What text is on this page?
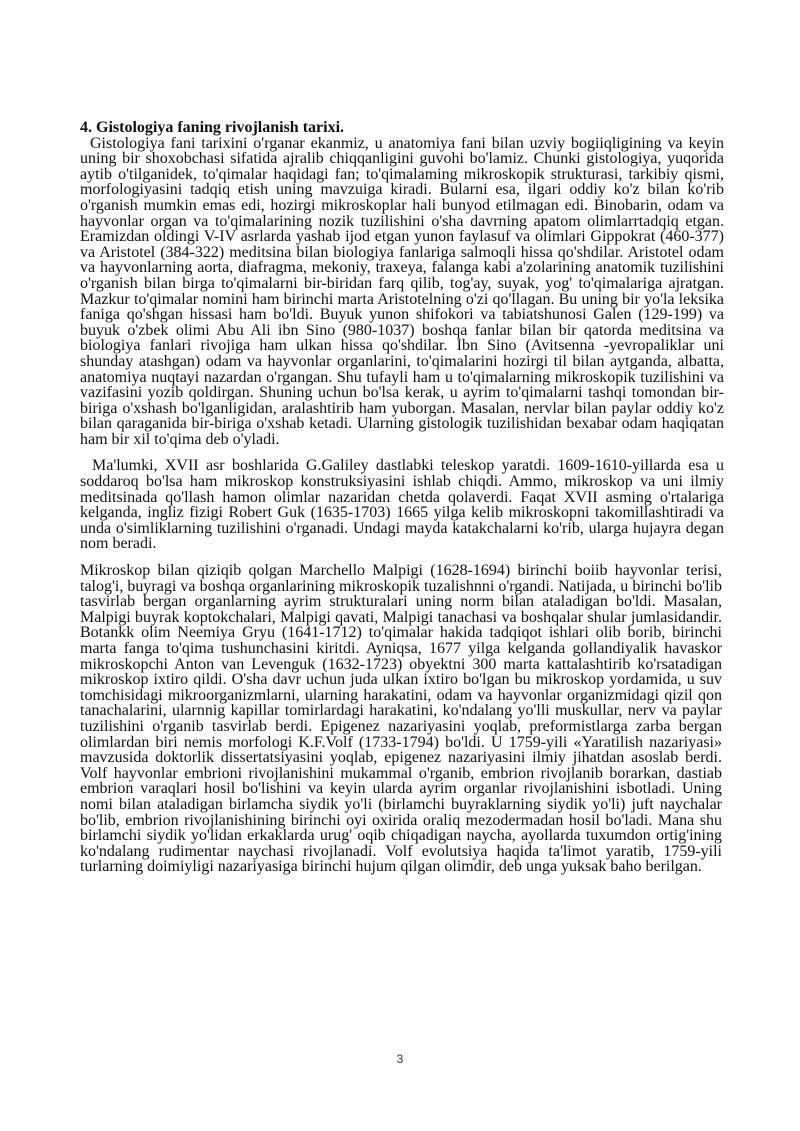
4. Gistologiya faning rivojlanish tarixi.

Gistologiya fani tarixini o'rganar ekanmiz, u anatomiya fani bilan uzviy bogiiqligining va keyin uning bir shoxobchasi sifatida ajralib chiqqanligini guvohi bo'lamiz. Chunki gistologiya, yuqorida aytib o'tilganidek, to'qimalar haqidagi fan; to'qimalaming mikroskopik strukturasi, tarkibiy qismi, morfologiyasini tadqiq etish uning mavzuiga kiradi. Bularni esa, ilgari oddiy ko'z bilan ko'rib o'rganish mumkin emas edi, hozirgi mikroskoplar hali bunyod etilmagan edi. Binobarin, odam va hayvonlar organ va to'qimalarining nozik tuzilishini o'sha davrning apatom olimlarrtadqiq etgan. Eramizdan oldingi V-IV asrlarda yashab ijod etgan yunon faylasuf va olimlari Gippokrat (460-377) va Aristotel (384-322) meditsina bilan biologiya fanlariga salmoqli hissa qo'shdilar. Aristotel odam va hayvonlarning aorta, diafragma, mekoniy, traxeya, falanga kabi a'zolarining anatomik tuzilishini o'rganish bilan birga to'qimalarni bir-biridan farq qilib, tog'ay, suyak, yog' to'qimalariga ajratgan. Mazkur to'qimalar nomini ham birinchi marta Aristotelning o'zi qo'llagan. Bu uning bir yo'la leksika faniga qo'shgan hissasi ham bo'ldi. Buyuk yunon shifokori va tabiatshunosi Galen (129-199) va buyuk o'zbek olimi Abu Ali ibn Sino (980-1037) boshqa fanlar bilan bir qatorda meditsina va biologiya fanlari rivojiga ham ulkan hissa qo'shdilar. Ibn Sino (Avitsenna -yevropaliklar uni shunday atashgan) odam va hayvonlar organlarini, to'qimalarini hozirgi til bilan aytganda, albatta, anatomiya nuqtayi nazardan o'rgangan. Shu tufayli ham u to'qimalarning mikroskopik tuzilishini va vazifasini yozib qoldirgan. Shuning uchun bo'lsa kerak, u ayrim to'qimalarni tashqi tomondan bir-biriga o'xshash bo'lganligidan, aralashtirib ham yuborgan. Masalan, nervlar bilan paylar oddiy ko'z bilan qaraganida bir-biriga o'xshab ketadi. Ularning gistologik tuzilishidan bexabar odam haqiqatan ham bir xil to'qima deb o'yladi.

Ma'lumki, XVII asr boshlarida G.Galiley dastlabki teleskop yaratdi. 1609-1610-yillarda esa u soddaroq bo'lsa ham mikroskop konstruksiyasini ishlab chiqdi. Ammo, mikroskop va uni ilmiy meditsinada qo'llash hamon olimlar nazaridan chetda qolaverdi. Faqat XVII asming o'rtalariga kelganda, ingliz fizigi Robert Guk (1635-1703) 1665 yilga kelib mikroskopni takomillashtiradi va unda o'simliklarning tuzilishini o'rganadi. Undagi mayda katakchalarni ko'rib, ularga hujayra degan nom beradi.

Mikroskop bilan qiziqib qolgan Marchello Malpigi (1628-1694) birinchi boiib hayvonlar terisi, talog'i, buyragi va boshqa organlarining mikroskopik tuzalishnni o'rgandi. Natijada, u birinchi bo'lib tasvirlab bergan organlarning ayrim strukturalari uning norm bilan ataladigan bo'ldi. Masalan, Malpigi buyrak koptokchalari, Malpigi qavati, Malpigi tanachasi va boshqalar shular jumlasidandir. Botankk olim Neemiya Gryu (1641-1712) to'qimalar hakida tadqiqot ishlari olib borib, birinchi marta fanga to'qima tushunchasini kiritdi. Ayniqsa, 1677 yilga kelganda gollandiyalik havaskor mikroskopchi Anton van Levenguk (1632-1723) obyektni 300 marta kattalashtirib ko'rsatadigan mikroskop ixtiro qildi. O'sha davr uchun juda ulkan ixtiro bo'lgan bu mikroskop yordamida, u suv tomchisidagi mikroorganizmlarni, ularning harakatini, odam va hayvonlar organizmidagi qizil qon tanachalarini, ularnnig kapillar tomirlardagi harakatini, ko'ndalang yo'lli muskullar, nerv va paylar tuzilishini o'rganib tasvirlab berdi. Epigenez nazariyasini yoqlab, preformistlarga zarba bergan olimlardan biri nemis morfologi K.F.Volf (1733-1794) bo'ldi. U 1759-yili «Yaratilish nazariyasi» mavzusida doktorlik dissertatsiyasini yoqlab, epigenez nazariyasini ilmiy jihatdan asoslab berdi. Volf hayvonlar embrioni rivojlanishini mukammal o'rganib, embrion rivojlanib borarkan, dastiab embrion varaqlari hosil bo'lishini va keyin ularda ayrim organlar rivojlanishini isbotladi. Uning nomi bilan ataladigan birlamcha siydik yo'li (birlamchi buyraklarning siydik yo'li) juft naychalar bo'lib, embrion rivojlanishining birinchi oyi oxirida oraliq mezodermadan hosil bo'ladi. Mana shu birlamchi siydik yo'lidan erkaklarda urug' oqib chiqadigan naycha, ayollarda tuxumdon ortig'ining ko'ndalang rudimentar naychasi rivojlanadi. Volf evolutsiya haqida ta'limot yaratib, 1759-yili turlarning doimiyligi nazariyasiga birinchi hujum qilgan olimdir, deb unga yuksak baho berilgan.

3
